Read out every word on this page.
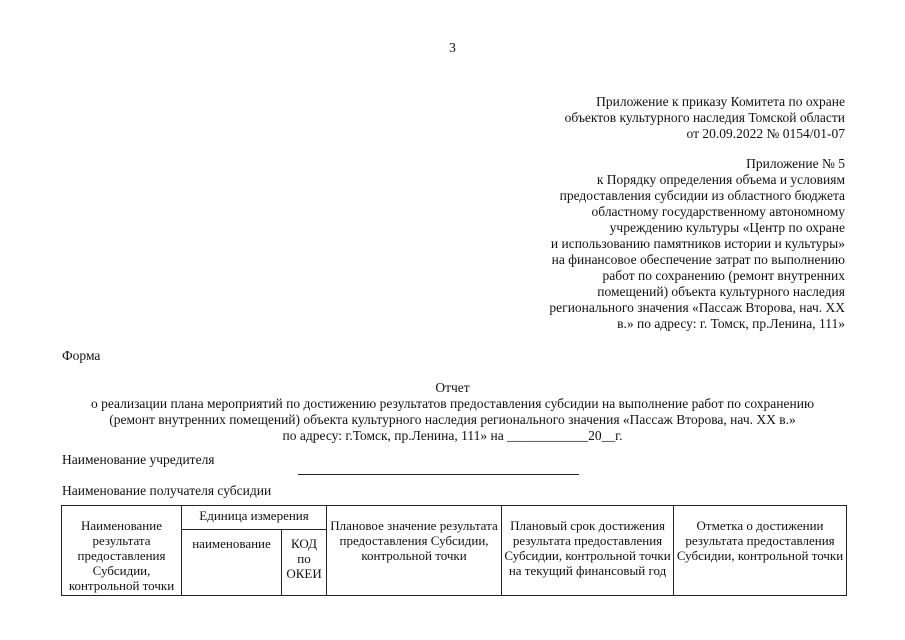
3
Приложение к приказу Комитета по охране
объектов культурного наследия Томской области
от 20.09.2022 № 0154/01-07
Приложение № 5
к Порядку определения объема и условиям
предоставления субсидии из областного бюджета
областному государственному автономному
учреждению культуры «Центр по охране
и использованию памятников истории и культуры»
на финансовое обеспечение затрат по выполнению
работ по сохранению (ремонт внутренних
помещений) объекта культурного наследия
регионального значения «Пассаж Второва, нач. XX
в.» по адресу: г. Томск, пр.Ленина, 111»
Форма
Отчет
о реализации плана мероприятий по достижению результатов предоставления субсидии на выполнение работ по сохранению
(ремонт внутренних помещений) объекта культурного наследия регионального значения «Пассаж Второва, нач. XX в.»
по адресу: г.Томск, пр.Ленина, 111» на ____________20__г.
Наименование учредителя
Наименование получателя субсидии
Наименование результата предоставления Субсидии, контрольной точки	Единица измерения		Плановое значение результата предоставления Субсидии, контрольной точки	Плановый срок достижения результата предоставления Субсидии, контрольной точки на текущий финансовый год	Отметка о достижении результата предоставления Субсидии, контрольной точки
	наименование	КОД по ОКЕИ			
